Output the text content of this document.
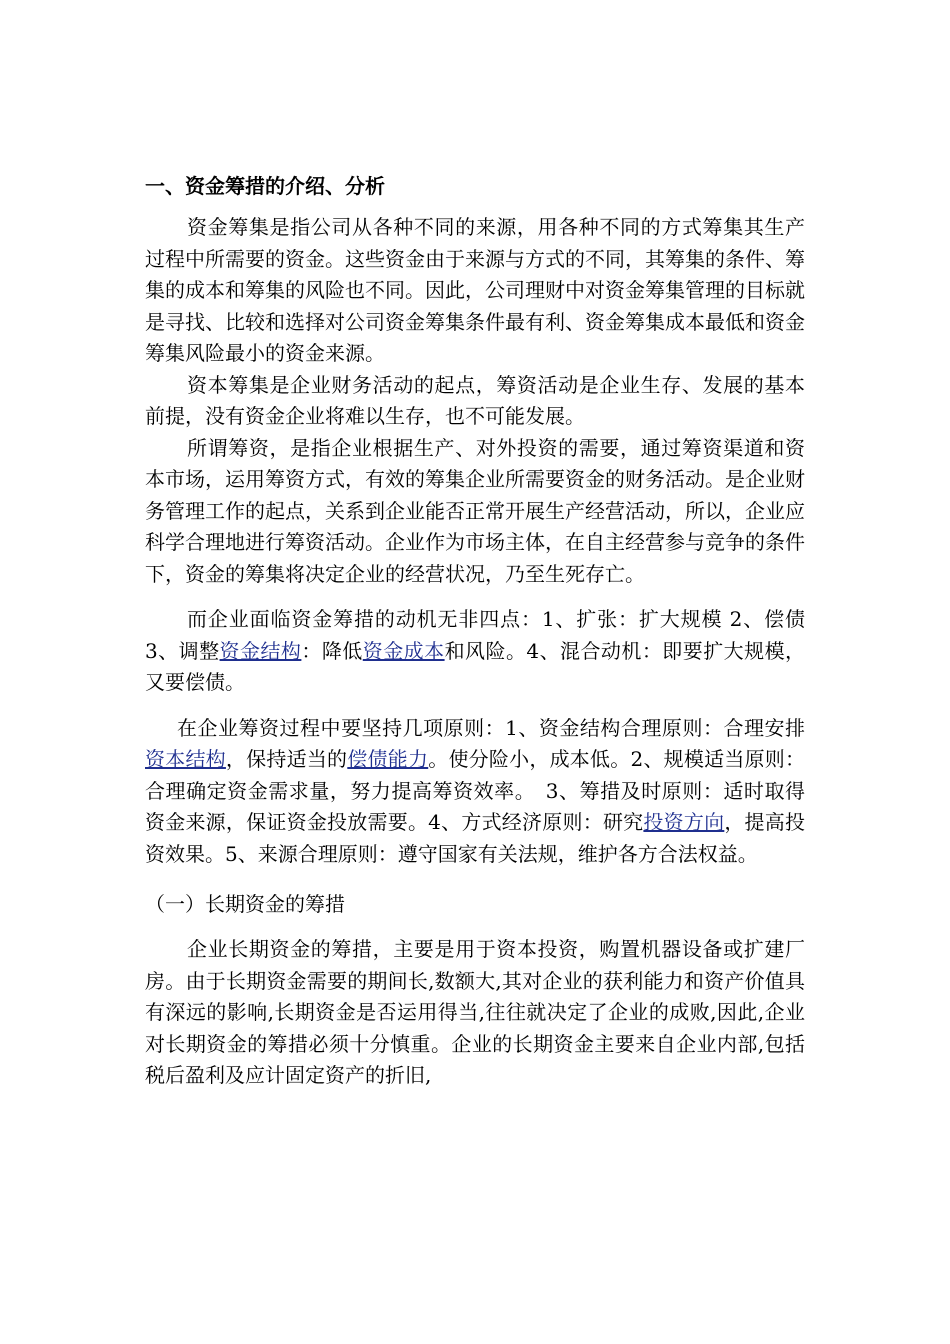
一、资金筹措的介绍、分析

资金筹集是指公司从各种不同的来源，用各种不同的方式筹集其生产过程中所需要的资金。这些资金由于来源与方式的不同，其筹集的条件、筹集的成本和筹集的风险也不同。因此，公司理财中对资金筹集管理的目标就是寻找、比较和选择对公司资金筹集条件最有利、资金筹集成本最低和资金筹集风险最小的资金来源。

资本筹集是企业财务活动的起点，筹资活动是企业生存、发展的基本前提，没有资金企业将难以生存，也不可能发展。

所谓筹资，是指企业根据生产、对外投资的需要，通过筹资渠道和资本市场，运用筹资方式，有效的筹集企业所需要资金的财务活动。是企业财务管理工作的起点，关系到企业能否正常开展生产经营活动，所以，企业应科学合理地进行筹资活动。企业作为市场主体，在自主经营参与竞争的条件下，资金的筹集将决定企业的经营状况，乃至生死存亡。

而企业面临资金筹措的动机无非四点：1、扩张：扩大规模 2、偿债 3、调整资金结构：降低资金成本和风险。4、混合动机：即要扩大规模，又要偿债。

在企业筹资过程中要坚持几项原则：1、资金结构合理原则：合理安排资本结构，保持适当的偿债能力。使分险小，成本低。2、规模适当原则：合理确定资金需求量，努力提高筹资效率。　3、筹措及时原则：适时取得资金来源，保证资金投放需要。4、方式经济原则：研究投资方向，提高投资效果。5、来源合理原则：遵守国家有关法规，维护各方合法权益。

（一）长期资金的筹措

企业长期资金的筹措，主要是用于资本投资，购置机器设备或扩建厂房。由于长期资金需要的期间长,数额大,其对企业的获利能力和资产价值具有深远的影响,长期资金是否运用得当,往往就决定了企业的成败,因此,企业对长期资金的筹措必须十分慎重。企业的长期资金主要来自企业内部,包括税后盈利及应计固定资产的折旧,
